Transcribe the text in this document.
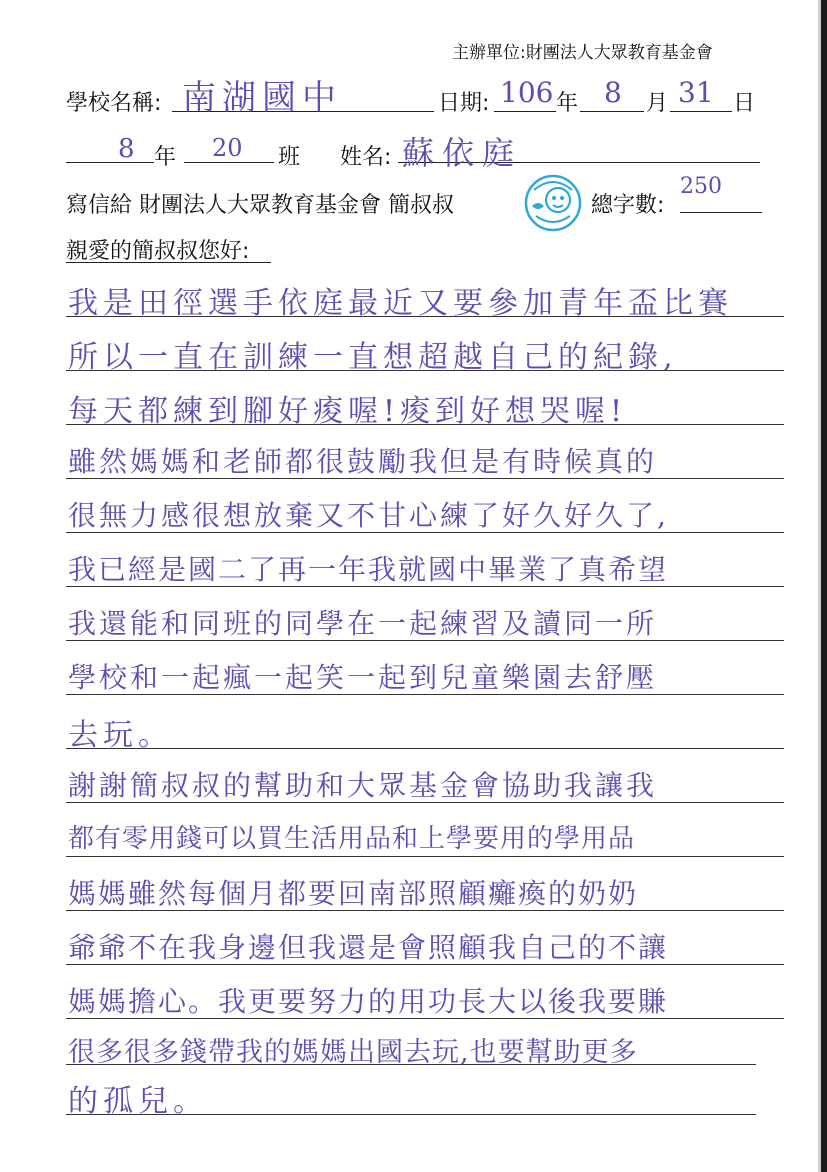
主辦單位:財團法人大眾教育基金會
學校名稱: 南湖國中	日期: 106 年 8 月 31 日
8 年 20 班 姓名: 蘇依庭
寫信給 財團法人大眾教育基金會 簡叔叔	總字數:
250
親愛的簡叔叔您好:
我是田徑選手依庭最近又要參加青年盃比賽
所以一直在訓練一直想超越自己的紀錄,
每天都練到腳好痠喔!痠到好想哭喔!
雖然媽媽和老師都很鼓勵我但是有時候真的
很無力感很想放棄又不甘心練了好久好久了,
我已經是國二了再一年我就國中畢業了真希望
我還能和同班的同學在一起練習及讀同一所
學校和一起瘋一起笑一起到兒童樂園去舒壓
去玩。
謝謝簡叔叔的幫助和大眾基金會協助我讓我
都有零用錢可以買生活用品和上學要用的學用品
媽媽雖然每個月都要回南部照顧癱瘓的奶奶
爺爺不在我身邊但我還是會照顧我自己的不讓
媽媽擔心。我更要努力的用功長大以後我要賺
很多很多錢帶我的媽媽出國去玩,也要幫助更多
的孤兒。
